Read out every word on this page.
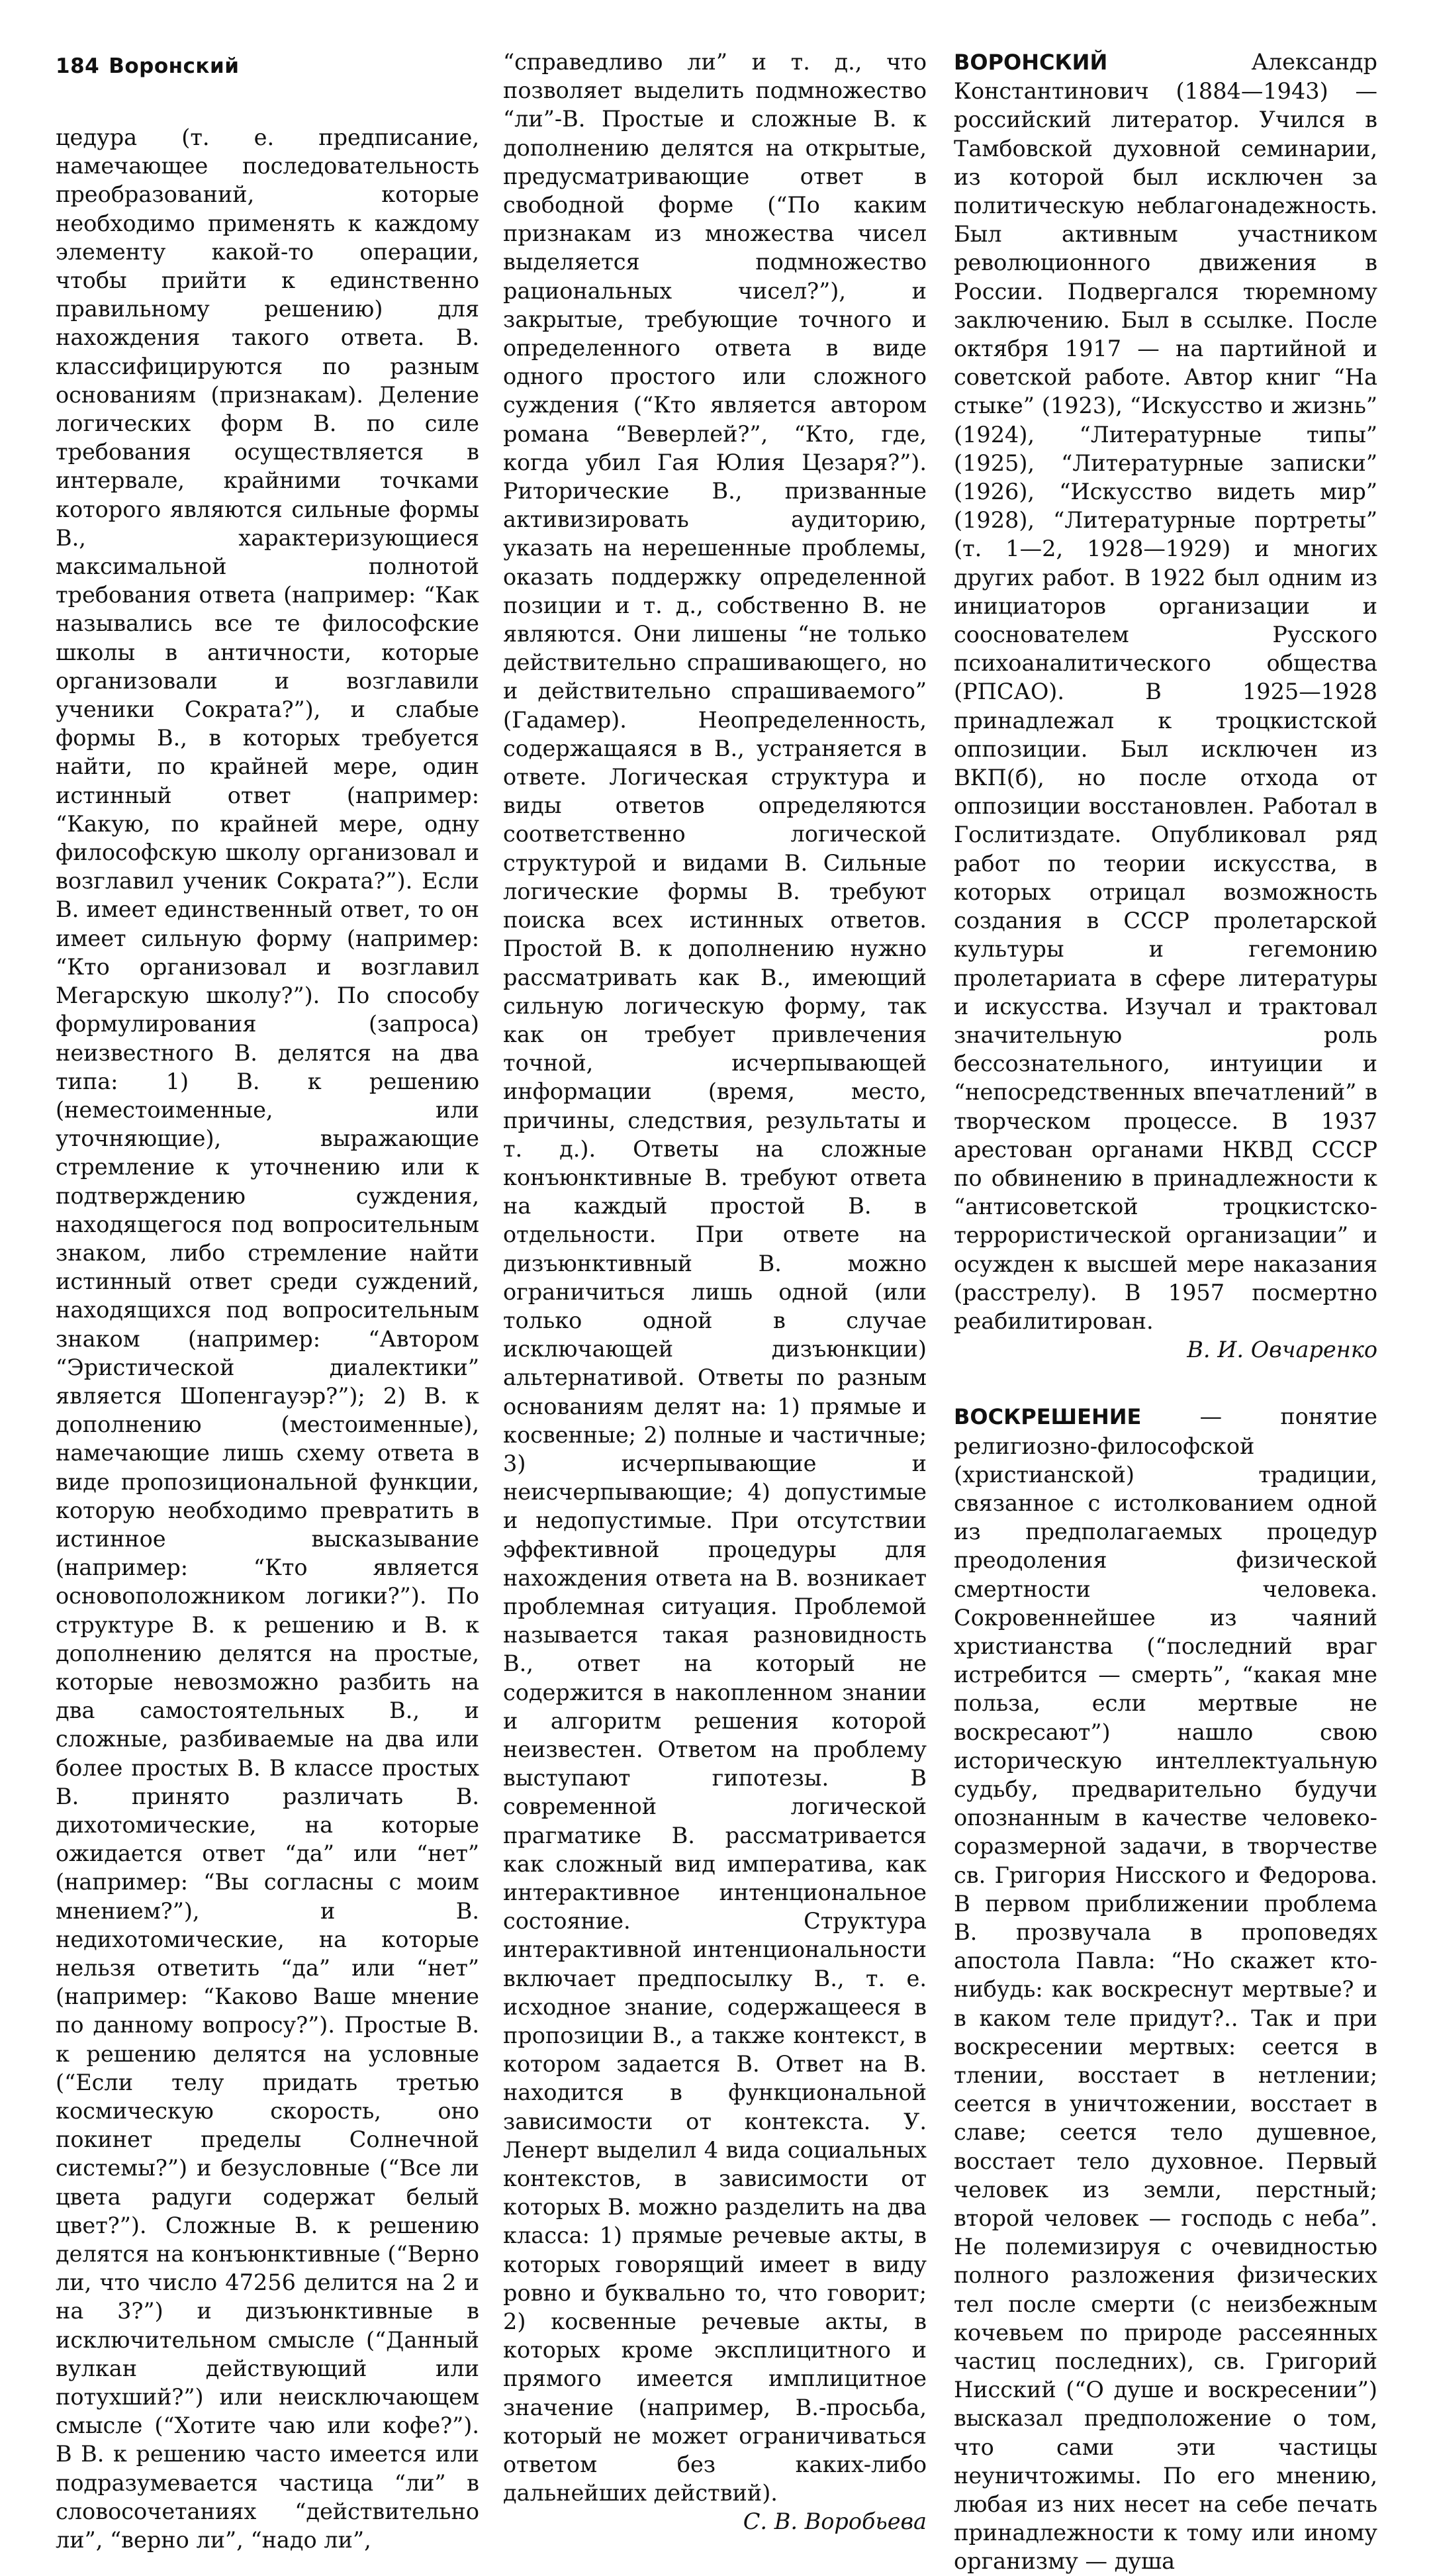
184 Воронский

цедура (т. е. предписание, намечающее последовательность преобразований, которые необходимо применять к каждому элементу какой-то операции, чтобы прийти к единственно правильному решению) для нахождения такого ответа. В. классифицируются по разным основаниям (признакам). Деление логических форм В. по силе требования осуществляется в интервале, крайними точками которого являются сильные формы В., характеризующиеся максимальной полнотой требования ответа (например: “Как назывались все те философские школы в античности, которые организовали и возглавили ученики Сократа?”), и слабые формы В., в которых требуется найти, по крайней мере, один истинный ответ (например: “Какую, по крайней мере, одну философскую школу организовал и возглавил ученик Сократа?”). Если В. имеет единственный ответ, то он имеет сильную форму (например: “Кто организовал и возглавил Мегарскую школу?”). По способу формулирования (запроса) неизвестного В. делятся на два типа: 1) В. к решению (неместоименные, или уточняющие), выражающие стремление к уточнению или к подтверждению суждения, находящегося под вопросительным знаком, либо стремление найти истинный ответ среди суждений, находящихся под вопросительным знаком (например: “Автором “Эристической диалектики” является Шопенгауэр?”); 2) В. к дополнению (местоименные), намечающие лишь схему ответа в виде пропозициональной функции, которую необходимо превратить в истинное высказывание (например: “Кто является основоположником логики?”). По структуре В. к решению и В. к дополнению делятся на простые, которые невозможно разбить на два самостоятельных В., и сложные, разбиваемые на два или более простых В. В классе простых В. принято различать В. дихотомические, на которые ожидается ответ “да” или “нет” (например: “Вы согласны с моим мнением?”), и В. недихотомические, на которые нельзя ответить “да” или “нет” (например: “Каково Ваше мнение по данному вопросу?”). Простые В. к решению делятся на условные (“Если телу придать третью космическую скорость, оно покинет пределы Солнечной системы?”) и безусловные (“Все ли цвета радуги содержат белый цвет?”). Сложные В. к решению делятся на конъюнктивные (“Верно ли, что число 47256 делится на 2 и на 3?”) и дизъюнктивные в исключительном смысле (“Данный вулкан действующий или потухший?”) или неисключающем смысле (“Хотите чаю или кофе?”). В В. к решению часто имеется или подразумевается частица “ли” в словосочетаниях “действительно ли”, “верно ли”, “надо ли”,

“справедливо ли” и т. д., что позволяет выделить подмножество “ли”-В. Простые и сложные В. к дополнению делятся на открытые, предусматривающие ответ в свободной форме (“По каким признакам из множества чисел выделяется подмножество рациональных чисел?”), и закрытые, требующие точного и определенного ответа в виде одного простого или сложного суждения (“Кто является автором романа “Веверлей?”, “Кто, где, когда убил Гая Юлия Цезаря?”). Риторические В., призванные активизировать аудиторию, указать на нерешенные проблемы, оказать поддержку определенной позиции и т. д., собственно В. не являются. Они лишены “не только действительно спрашивающего, но и действительно спрашиваемого” (Гадамер). Неопределенность, содержащаяся в В., устраняется в ответе. Логическая структура и виды ответов определяются соответственно логической структурой и видами В. Сильные логические формы В. требуют поиска всех истинных ответов. Простой В. к дополнению нужно рассматривать как В., имеющий сильную логическую форму, так как он требует привлечения точной, исчерпывающей информации (время, место, причины, следствия, результаты и т. д.). Ответы на сложные конъюнктивные В. требуют ответа на каждый простой В. в отдельности. При ответе на дизъюнктивный В. можно ограничиться лишь одной (или только одной в случае исключающей дизъюнкции) альтернативой. Ответы по разным основаниям делят на: 1) прямые и косвенные; 2) полные и частичные; 3) исчерпывающие и неисчерпывающие; 4) допустимые и недопустимые. При отсутствии эффективной процедуры для нахождения ответа на В. возникает проблемная ситуация. Проблемой называется такая разновидность В., ответ на который не содержится в накопленном знании и алгоритм решения которой неизвестен. Ответом на проблему выступают гипотезы. В современной логической прагматике В. рассматривается как сложный вид императива, как интерактивное интенциональное состояние. Структура интерактивной интенциональности включает предпосылку В., т. е. исходное знание, содержащееся в пропозиции В., а также контекст, в котором задается В. Ответ на В. находится в функциональной зависимости от контекста. У. Ленерт выделил 4 вида социальных контекстов, в зависимости от которых В. можно разделить на два класса: 1) прямые речевые акты, в которых говорящий имеет в виду ровно и буквально то, что говорит; 2) косвенные речевые акты, в которых кроме эксплицитного и прямого имеется имплицитное значение (например, В.-просьба, который не может ограничиваться ответом без каких-либо дальнейших действий).

С. В. Воробьева

ВОРОНСКИЙ Александр Константинович (1884—1943) — российский литератор. Учился в Тамбовской духовной семинарии, из которой был исключен за политическую неблагонадежность. Был активным участником революционного движения в России. Подвергался тюремному заключению. Был в ссылке. После октября 1917 — на партийной и советской работе. Автор книг “На стыке” (1923), “Искусство и жизнь” (1924), “Литературные типы” (1925), “Литературные записки” (1926), “Искусство видеть мир” (1928), “Литературные портреты” (т. 1—2, 1928—1929) и многих других работ. В 1922 был одним из инициаторов организации и сооснователем Русского психоаналитического общества (РПСАО). В 1925—1928 принадлежал к троцкистской оппозиции. Был исключен из ВКП(б), но после отхода от оппозиции восстановлен. Работал в Гослитиздате. Опубликовал ряд работ по теории искусства, в которых отрицал возможность создания в СССР пролетарской культуры и гегемонию пролетариата в сфере литературы и искусства. Изучал и трактовал значительную роль бессознательного, интуиции и “непосредственных впечатлений” в творческом процессе. В 1937 арестован органами НКВД СССР по обвинению в принадлежности к “антисоветской троцкистско-террористической организации” и осужден к высшей мере наказания (расстрелу). В 1957 посмертно реабилитирован.

В. И. Овчаренко

ВОСКРЕШЕНИЕ — понятие религиозно-философской (христианской) традиции, связанное с истолкованием одной из предполагаемых процедур преодоления физической смертности человека. Сокровеннейшее из чаяний христианства (“последний враг истребится — смерть”, “какая мне польза, если мертвые не воскресают”) нашло свою историческую интеллектуальную судьбу, предварительно будучи опознанным в качестве человеко-соразмерной задачи, в творчестве св. Григория Нисского и Федорова. В первом приближении проблема В. прозвучала в проповедях апостола Павла: “Но скажет кто-нибудь: как воскреснут мертвые? и в каком теле придут?.. Так и при воскресении мертвых: сеется в тлении, восстает в нетлении; сеется в уничтожении, восстает в славе; сеется тело душевное, восстает тело духовное. Первый человек из земли, перстный; второй человек — господь с неба”. Не полемизируя с очевидностью полного разложения физических тел после смерти (с неизбежным кочевьем по природе рассеянных частиц последних), св. Григорий Нисский (“О душе и воскресении”) высказал предположение о том, что сами эти частицы неуничтожимы. По его мнению, любая из них несет на себе печать принадлежности к тому или иному организму — душа
